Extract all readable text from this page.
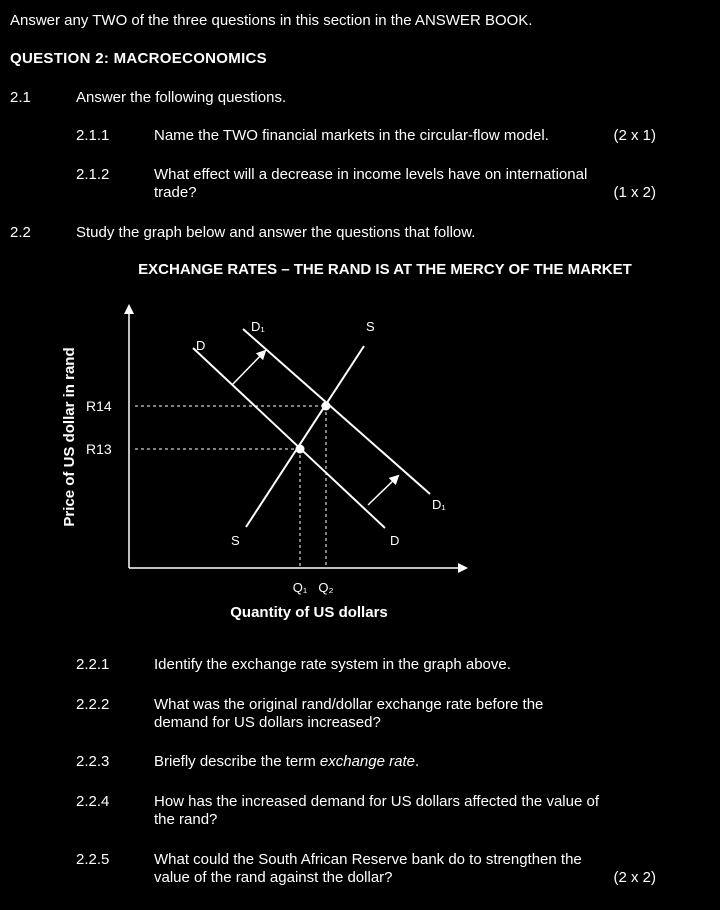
Answer any TWO of the three questions in this section in the ANSWER BOOK.
QUESTION 2: MACROECONOMICS
2.1	Answer the following questions.
2.1.1	Name the TWO financial markets in the circular-flow model.	(2 x 1)
2.1.2	What effect will a decrease in income levels have on international
trade?	(1 x 2)
2.2	Study the graph below and answer the questions that follow.
EXCHANGE RATES – THE RAND IS AT THE MERCY OF THE MARKET
Price of US dollar in rand R14
R13
Q₁ Q₂
D
D₁	S
S	D
D₁
Quantity of US dollars
2.2.1	Identify the exchange rate system in the graph above.
2.2.2	What was the original rand/dollar exchange rate before the
demand for US dollars increased?
2.2.3	Briefly describe the term exchange rate.
2.2.4	How has the increased demand for US dollars affected the value of
the rand?
2.2.5	What could the South African Reserve bank do to strengthen the
value of the rand against the dollar?	(2 x 2)
